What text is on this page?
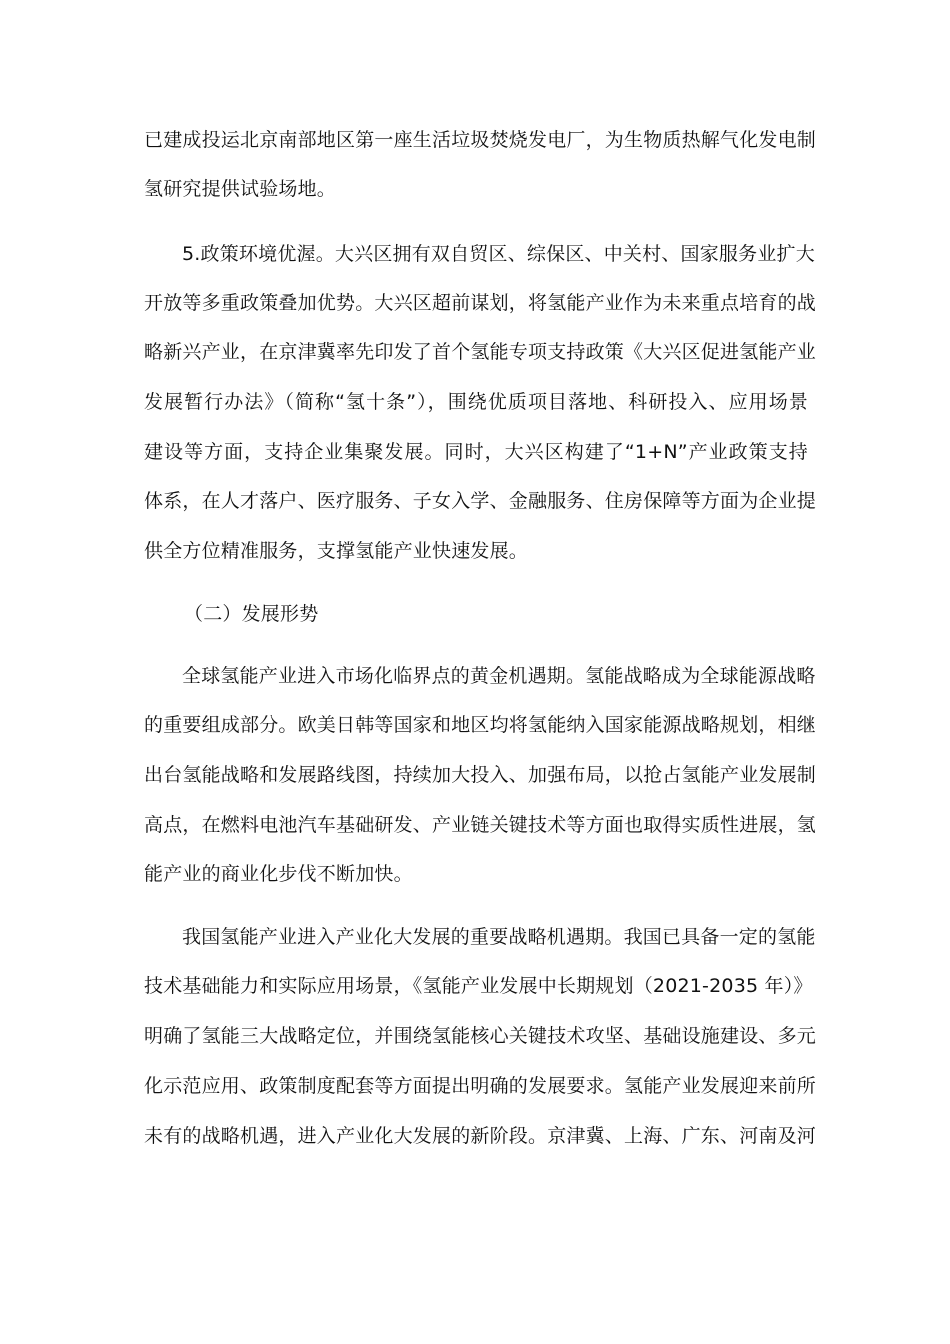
已建成投运北京南部地区第一座生活垃圾焚烧发电厂，为生物质热解气化发电制
氢研究提供试验场地。
5.政策环境优渥。大兴区拥有双自贸区、综保区、中关村、国家服务业扩大
开放等多重政策叠加优势。大兴区超前谋划，将氢能产业作为未来重点培育的战
略新兴产业，在京津冀率先印发了首个氢能专项支持政策《大兴区促进氢能产业
发展暂行办法》（简称“氢十条”），围绕优质项目落地、科研投入、应用场景
建设等方面，支持企业集聚发展。同时，大兴区构建了“1+N”产业政策支持
体系，在人才落户、医疗服务、子女入学、金融服务、住房保障等方面为企业提
供全方位精准服务，支撑氢能产业快速发展。
（二）发展形势
全球氢能产业进入市场化临界点的黄金机遇期。氢能战略成为全球能源战略
的重要组成部分。欧美日韩等国家和地区均将氢能纳入国家能源战略规划，相继
出台氢能战略和发展路线图，持续加大投入、加强布局，以抢占氢能产业发展制
高点，在燃料电池汽车基础研发、产业链关键技术等方面也取得实质性进展，氢
能产业的商业化步伐不断加快。
我国氢能产业进入产业化大发展的重要战略机遇期。我国已具备一定的氢能
技术基础能力和实际应用场景，《氢能产业发展中长期规划（2021-2035 年）》
明确了氢能三大战略定位，并围绕氢能核心关键技术攻坚、基础设施建设、多元
化示范应用、政策制度配套等方面提出明确的发展要求。氢能产业发展迎来前所
未有的战略机遇，进入产业化大发展的新阶段。京津冀、上海、广东、河南及河
